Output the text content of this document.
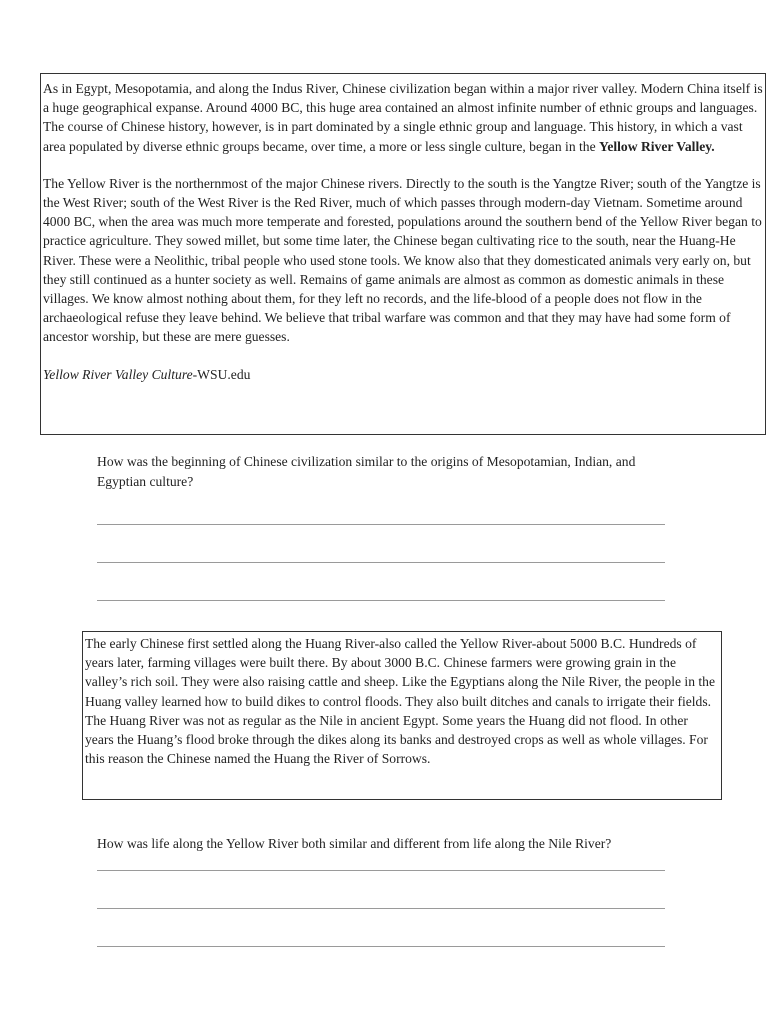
As in Egypt, Mesopotamia, and along the Indus River, Chinese civilization began within a major river valley. Modern China itself is a huge geographical expanse. Around 4000 BC, this huge area contained an almost infinite number of ethnic groups and languages. The course of Chinese history, however, is in part dominated by a single ethnic group and language. This history, in which a vast area populated by diverse ethnic groups became, over time, a more or less single culture, began in the Yellow River Valley.

The Yellow River is the northernmost of the major Chinese rivers. Directly to the south is the Yangtze River; south of the Yangtze is the West River; south of the West River is the Red River, much of which passes through modern-day Vietnam. Sometime around 4000 BC, when the area was much more temperate and forested, populations around the southern bend of the Yellow River began to practice agriculture. They sowed millet, but some time later, the Chinese began cultivating rice to the south, near the Huang-He River. These were a Neolithic, tribal people who used stone tools. We know also that they domesticated animals very early on, but they still continued as a hunter society as well. Remains of game animals are almost as common as domestic animals in these villages. We know almost nothing about them, for they left no records, and the life-blood of a people does not flow in the archaeological refuse they leave behind. We believe that tribal warfare was common and that they may have had some form of ancestor worship, but these are mere guesses.

Yellow River Valley Culture-WSU.edu
How was the beginning of Chinese civilization similar to the origins of Mesopotamian, Indian, and Egyptian culture?

The early Chinese first settled along the Huang River-also called the Yellow River-about 5000 B.C. Hundreds of years later, farming villages were built there. By about 3000 B.C. Chinese farmers were growing grain in the valley’s rich soil. They were also raising cattle and sheep. Like the Egyptians along the Nile River, the people in the Huang valley learned how to build dikes to control floods. They also built ditches and canals to irrigate their fields. The Huang River was not as regular as the Nile in ancient Egypt. Some years the Huang did not flood. In other years the Huang’s flood broke through the dikes along its banks and destroyed crops as well as whole villages. For this reason the Chinese named the Huang the River of Sorrows.

How was life along the Yellow River both similar and different from life along the Nile River?
